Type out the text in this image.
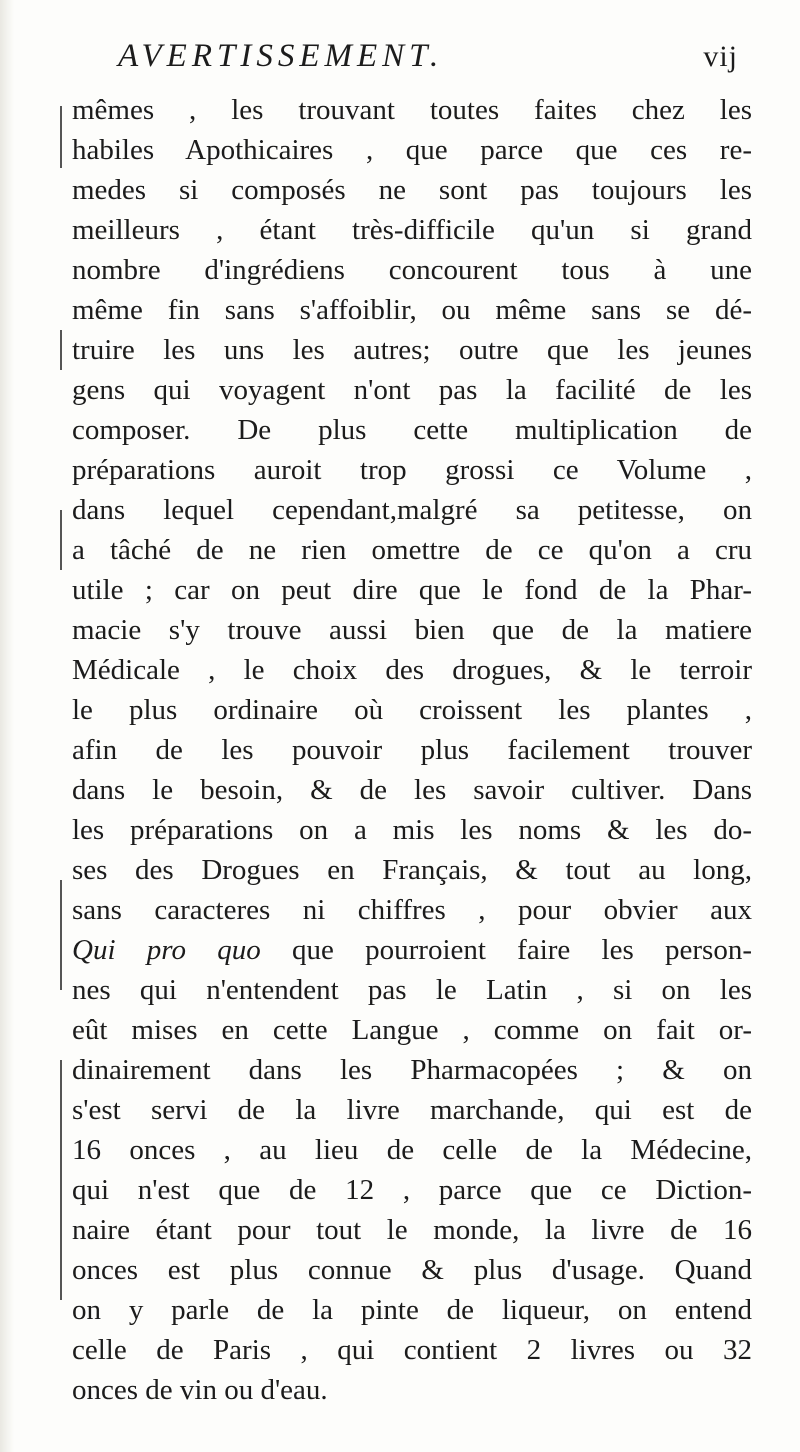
AVERTISSEMENT.	vij
mêmes , les trouvant toutes faites chez les
habiles Apothicaires , que parce que ces re-
medes si composés ne sont pas toujours les
meilleurs , étant très-difficile qu'un si grand
nombre d'ingrédiens concourent tous à une
même fin sans s'affoiblir, ou même sans se dé-
truire les uns les autres; outre que les jeunes
gens qui voyagent n'ont pas la facilité de les
composer. De plus cette multiplication de
préparations auroit trop grossi ce Volume ,
dans lequel cependant,malgré sa petitesse, on
a tâché de ne rien omettre de ce qu'on a cru
utile ; car on peut dire que le fond de la Phar-
macie s'y trouve aussi bien que de la matiere
Médicale , le choix des drogues, & le terroir
le plus ordinaire où croissent les plantes ,
afin de les pouvoir plus facilement trouver
dans le besoin, & de les savoir cultiver. Dans
les préparations on a mis les noms & les do-
ses des Drogues en Français, & tout au long,
sans caracteres ni chiffres , pour obvier aux
Qui pro quo que pourroient faire les person-
nes qui n'entendent pas le Latin , si on les
eût mises en cette Langue , comme on fait or-
dinairement dans les Pharmacopées ; & on
s'est servi de la livre marchande, qui est de
16 onces , au lieu de celle de la Médecine,
qui n'est que de 12 , parce que ce Diction-
naire étant pour tout le monde, la livre de 16
onces est plus connue & plus d'usage. Quand
on y parle de la pinte de liqueur, on entend
celle de Paris , qui contient 2 livres ou 32
onces de vin ou d'eau.
